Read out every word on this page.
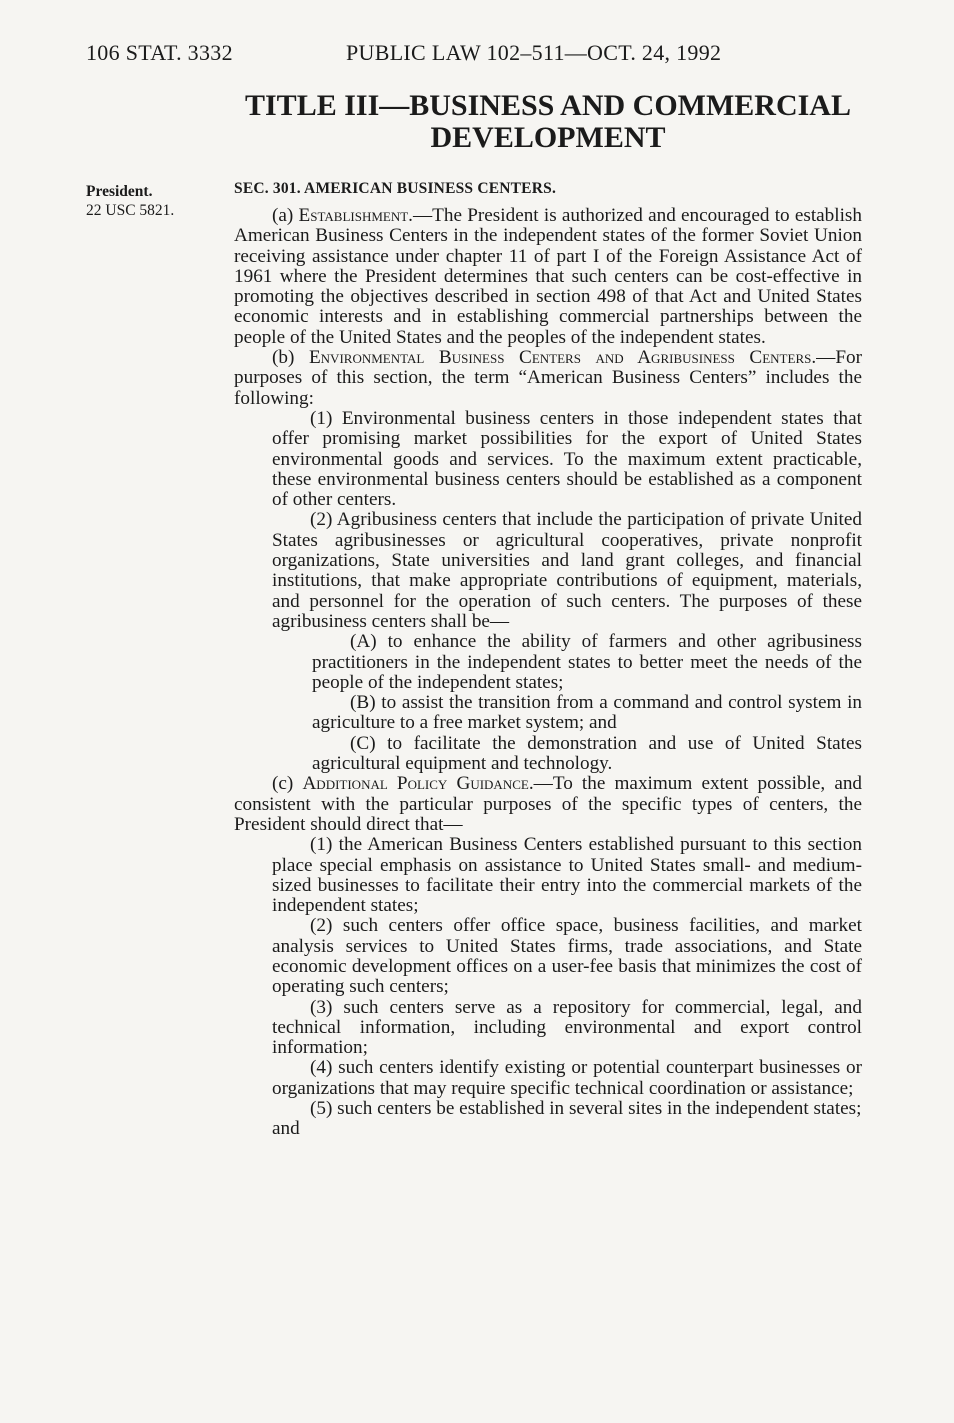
106 STAT. 3332	PUBLIC LAW 102–511—OCT. 24, 1992
TITLE III—BUSINESS AND COMMERCIAL DEVELOPMENT
President.
22 USC 5821.
SEC. 301. AMERICAN BUSINESS CENTERS.

(a) Establishment.—The President is authorized and encouraged to establish American Business Centers in the independent states of the former Soviet Union receiving assistance under chapter 11 of part I of the Foreign Assistance Act of 1961 where the President determines that such centers can be cost-effective in promoting the objectives described in section 498 of that Act and United States economic interests and in establishing commercial partnerships between the people of the United States and the peoples of the independent states.

(b) Environmental Business Centers and Agribusiness Centers.—For purposes of this section, the term “American Business Centers” includes the following:

(1) Environmental business centers in those independent states that offer promising market possibilities for the export of United States environmental goods and services. To the maximum extent practicable, these environmental business centers should be established as a component of other centers.

(2) Agribusiness centers that include the participation of private United States agribusinesses or agricultural cooperatives, private nonprofit organizations, State universities and land grant colleges, and financial institutions, that make appropriate contributions of equipment, materials, and personnel for the operation of such centers. The purposes of these agribusiness centers shall be—

(A) to enhance the ability of farmers and other agribusiness practitioners in the independent states to better meet the needs of the people of the independent states;

(B) to assist the transition from a command and control system in agriculture to a free market system; and

(C) to facilitate the demonstration and use of United States agricultural equipment and technology.

(c) Additional Policy Guidance.—To the maximum extent possible, and consistent with the particular purposes of the specific types of centers, the President should direct that—

(1) the American Business Centers established pursuant to this section place special emphasis on assistance to United States small- and medium-sized businesses to facilitate their entry into the commercial markets of the independent states;

(2) such centers offer office space, business facilities, and market analysis services to United States firms, trade associations, and State economic development offices on a user-fee basis that minimizes the cost of operating such centers;

(3) such centers serve as a repository for commercial, legal, and technical information, including environmental and export control information;

(4) such centers identify existing or potential counterpart businesses or organizations that may require specific technical coordination or assistance;

(5) such centers be established in several sites in the independent states; and
